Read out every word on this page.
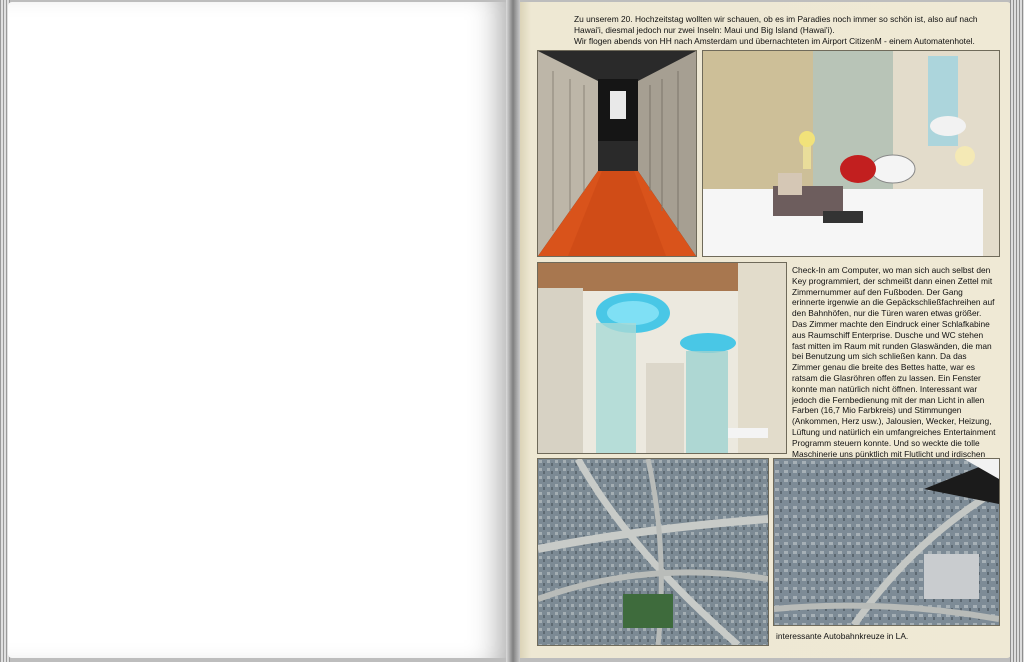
Zu unserem 20. Hochzeitstag wollten wir schauen, ob es im Paradies noch immer so schön ist, also auf nach Hawai'i, diesmal jedoch nur zwei Inseln: Maui und Big Island (Hawai'i).

Wir flogen abends von HH nach Amsterdam und übernachteten im Airport CitizenM - einem Automatenhotel.

Check-In am Computer, wo man sich auch selbst den Key programmiert, der schmeißt dann einen Zettel mit Zimmernummer auf den Fußboden. Der Gang erinnerte irgenwie an die Gepäckschließfachreihen auf den Bahnhöfen, nur die Türen waren etwas größer. Das Zimmer machte den Eindruck einer Schlafkabine aus Raumschiff Enterprise. Dusche und WC stehen fast mitten im Raum mit runden Glaswänden, die man bei Benutzung um sich schließen kann. Da das Zimmer genau die breite des Bettes hatte, war es ratsam die Glasröhren offen zu lassen. Ein Fenster konnte man natürlich nicht öffnen. Interessant war jedoch die Fernbedienung mit der man Licht in allen Farben (16,7 Mio Farbkreis) und Stimmungen (Ankommen, Herz usw.), Jalousien, Wecker, Heizung, Lüftung und natürlich ein umfangreiches Entertainment Programm steuern konnte. Und so weckte die tolle Maschinerie uns pünktlich mit Flutlicht und irdischen
interessante Autobahnkreuze in LA.
